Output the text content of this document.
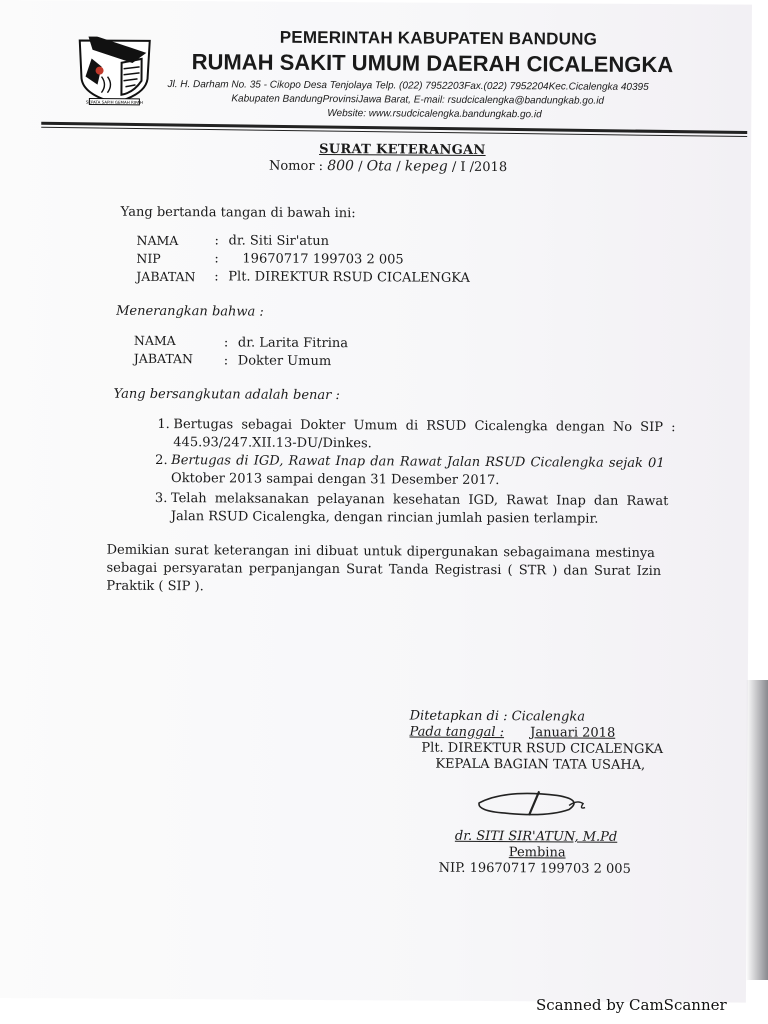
SEPATA SAPIH GEMAH RIPAH
PEMERINTAH KABUPATEN BANDUNG
RUMAH SAKIT UMUM DAERAH CICALENGKA
Jl. H. Darham No. 35 - Cikopo Desa Tenjolaya Telp. (022) 7952203Fax.(022) 7952204Kec.Cicalengka 40395
Kabupaten BandungProvinsiJawa Barat, E-mail: rsudcicalengka@bandungkab.go.id
Website: www.rsudcicalengka.bandungkab.go.id
SURAT KETERANGAN
Nomor : 800 / Ota / kepeg / I /2018
Yang bertanda tangan di bawah ini:
NAMA	: dr. Siti Sir'atun
NIP	: 19670717 199703 2 005
JABATAN : Plt. DIREKTUR RSUD CICALENGKA
Menerangkan bahwa :
NAMA	: dr. Larita Fitrina
JABATAN : Dokter Umum
Yang bersangkutan adalah benar :
1. Bertugas sebagai Dokter Umum di RSUD Cicalengka dengan No SIP :
445.93/247.XII.13-DU/Dinkes.
2. Bertugas di IGD, Rawat Inap dan Rawat Jalan RSUD Cicalengka sejak 01
Oktober 2013 sampai dengan 31 Desember 2017.
3. Telah melaksanakan pelayanan kesehatan IGD, Rawat Inap dan Rawat
Jalan RSUD Cicalengka, dengan rincian jumlah pasien terlampir.
Demikian surat keterangan ini dibuat untuk dipergunakan sebagaimana mestinya
sebagai persyaratan perpanjangan Surat Tanda Registrasi ( STR ) dan Surat Izin
Praktik ( SIP ).
Ditetapkan di : Cicalengka
Pada tanggal : Januari 2018
Plt. DIREKTUR RSUD CICALENGKA
KEPALA BAGIAN TATA USAHA,
dr. SITI SIR'ATUN, M.Pd
Pembina
NIP. 19670717 199703 2 005
Scanned by CamScanner
